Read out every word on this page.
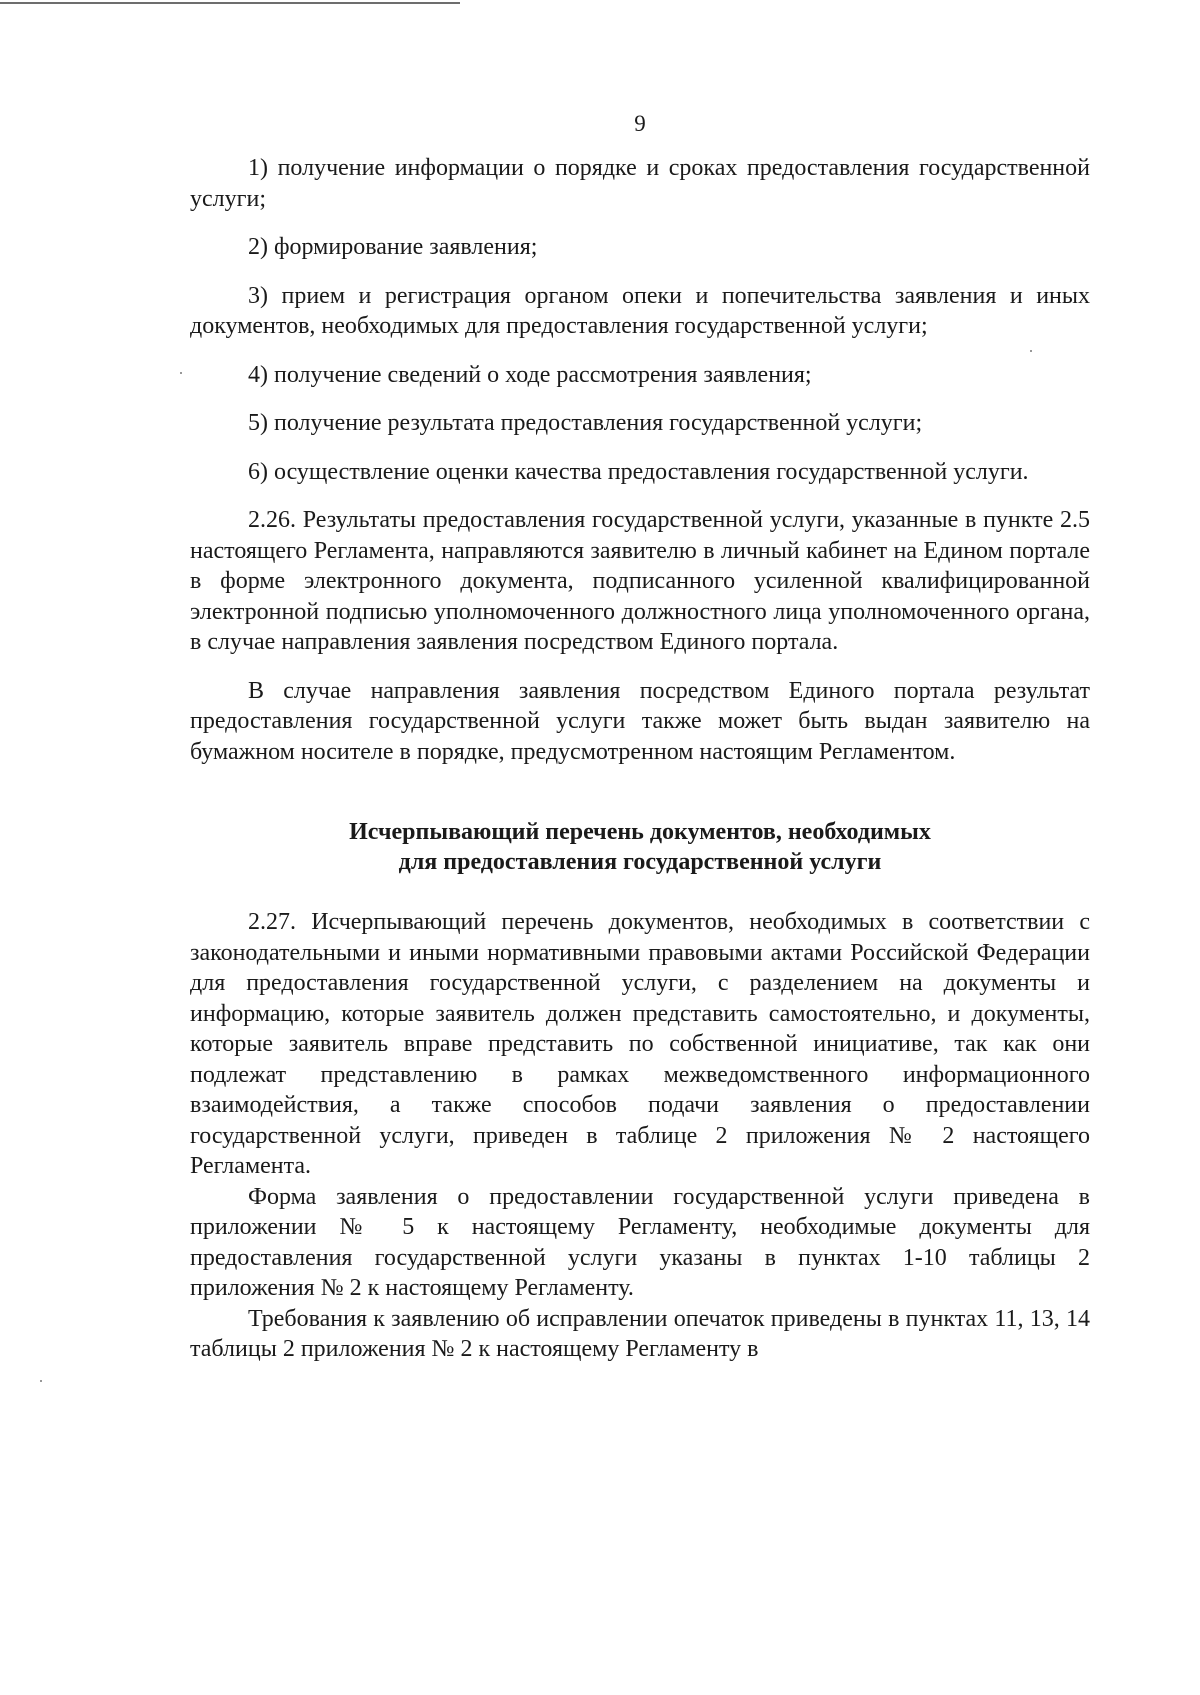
9

1) получение информации о порядке и сроках предоставления государственной услуги;

2) формирование заявления;

3) прием и регистрация органом опеки и попечительства заявления и иных документов, необходимых для предоставления государственной услуги;

4) получение сведений о ходе рассмотрения заявления;

5) получение результата предоставления государственной услуги;

6) осуществление оценки качества предоставления государственной услуги.

2.26. Результаты предоставления государственной услуги, указанные в пункте 2.5 настоящего Регламента, направляются заявителю в личный кабинет на Едином портале в форме электронного документа, подписанного усиленной квалифицированной электронной подписью уполномоченного должностного лица уполномоченного органа, в случае направления заявления посредством Единого портала.

В случае направления заявления посредством Единого портала результат предоставления государственной услуги также может быть выдан заявителю на бумажном носителе в порядке, предусмотренном настоящим Регламентом.

Исчерпывающий перечень документов, необходимых
для предоставления государственной услуги

2.27. Исчерпывающий перечень документов, необходимых в соответствии с законодательными и иными нормативными правовыми актами Российской Федерации для предоставления государственной услуги, с разделением на документы и информацию, которые заявитель должен представить самостоятельно, и документы, которые заявитель вправе представить по собственной инициативе, так как они подлежат представлению в рамках межведомственного информационного взаимодействия, а также способов подачи заявления о предоставлении государственной услуги, приведен в таблице 2 приложения № 2 настоящего Регламента.

Форма заявления о предоставлении государственной услуги приведена в приложении № 5 к настоящему Регламенту, необходимые документы для предоставления государственной услуги указаны в пунктах 1-10 таблицы 2 приложения № 2 к настоящему Регламенту.

Требования к заявлению об исправлении опечаток приведены в пунктах 11, 13, 14 таблицы 2 приложения № 2 к настоящему Регламенту в
